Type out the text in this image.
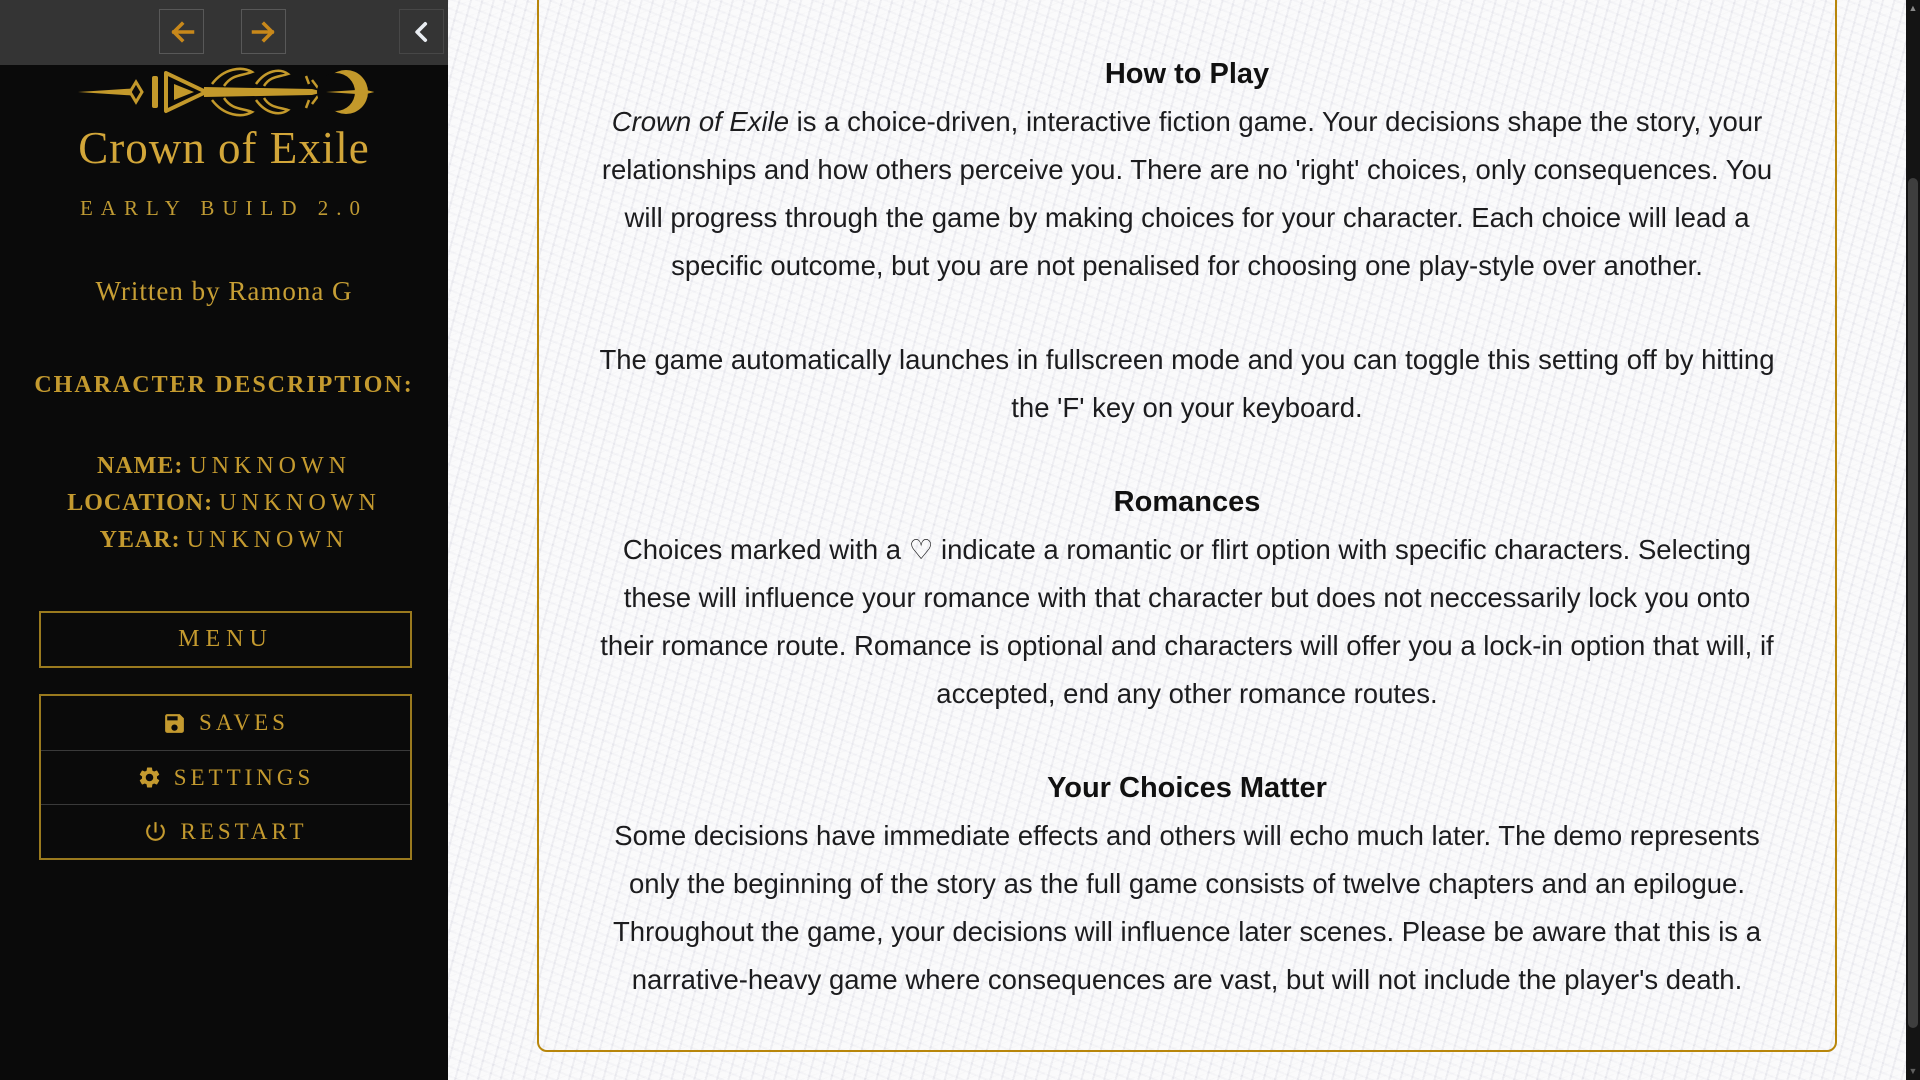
How to Play

Crown of Exile is a choice-driven, interactive fiction game. Your decisions shape the story, your relationships and how others perceive you. There are no 'right' choices, only consequences. You will progress through the game by making choices for your character. Each choice will lead a specific outcome, but you are not penalised for choosing one play-style over another.

The game automatically launches in fullscreen mode and you can toggle this setting off by hitting the 'F' key on your keyboard.

Romances

Choices marked with a ♡ indicate a romantic or flirt option with specific characters. Selecting these will influence your romance with that character but does not neccessarily lock you onto their romance route. Romance is optional and characters will offer you a lock-in option that will, if accepted, end any other romance routes.

Your Choices Matter

Some decisions have immediate effects and others will echo much later. The demo represents only the beginning of the story as the full game consists of twelve chapters and an epilogue. Throughout the game, your decisions will influence later scenes. Please be aware that this is a narrative-heavy game where consequences are vast, but will not include the player's death.

Crown of Exile
EARLY BUILD 2.0
Written by Ramona G
CHARACTER DESCRIPTION:
NAME: UNKNOWN
LOCATION: UNKNOWN
YEAR: UNKNOWN
MENU
SAVES
SETTINGS
RESTART
▲
▼
